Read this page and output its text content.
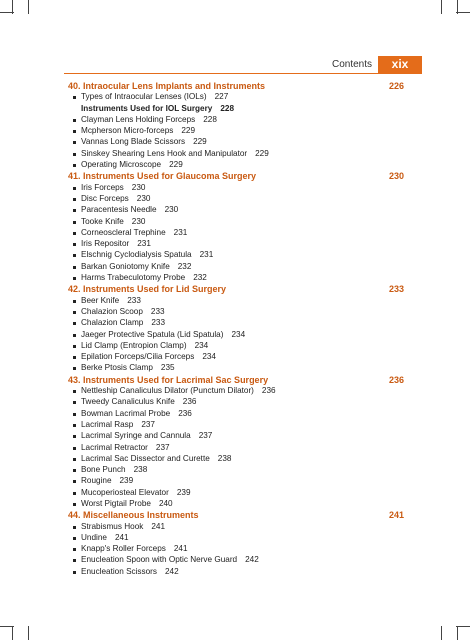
Contents	xix
40. Intraocular Lens Implants and Instruments	226
Types of Intraocular Lenses (IOLs) 227
Instruments Used for IOL Surgery 228
Clayman Lens Holding Forceps 228
Mcpherson Micro-forceps 229
Vannas Long Blade Scissors 229
Sinskey Shearing Lens Hook and Manipulator 229
Operating Microscope 229
41. Instruments Used for Glaucoma Surgery	230
Iris Forceps 230
Disc Forceps 230
Paracentesis Needle 230
Tooke Knife 230
Corneoscleral Trephine 231
Iris Repositor 231
Elschnig Cyclodialysis Spatula 231
Barkan Goniotomy Knife 232
Harms Trabeculotomy Probe 232
42. Instruments Used for Lid Surgery	233
Beer Knife 233
Chalazion Scoop 233
Chalazion Clamp 233
Jaeger Protective Spatula (Lid Spatula) 234
Lid Clamp (Entropion Clamp) 234
Epilation Forceps/Cilia Forceps 234
Berke Ptosis Clamp 235
43. Instruments Used for Lacrimal Sac Surgery	236
Nettleship Canaliculus Dilator (Punctum Dilator) 236
Tweedy Canaliculus Knife 236
Bowman Lacrimal Probe 236
Lacrimal Rasp 237
Lacrimal Syringe and Cannula 237
Lacrimal Retractor 237
Lacrimal Sac Dissector and Curette 238
Bone Punch 238
Rougine 239
Mucoperiosteal Elevator 239
Worst Pigtail Probe 240
44. Miscellaneous Instruments	241
Strabismus Hook 241
Undine 241
Knapp's Roller Forceps 241
Enucleation Spoon with Optic Nerve Guard 242
Enucleation Scissors 242
